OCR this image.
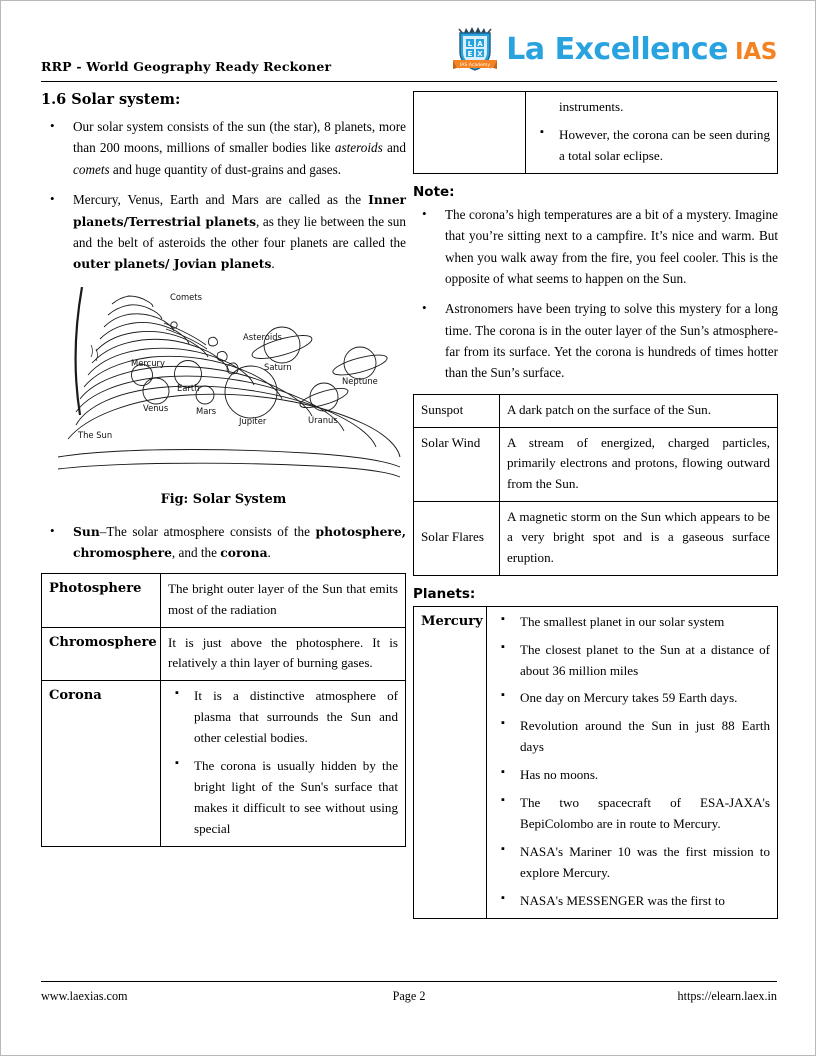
RRP - World Geography Ready Reckoner
L A
E X
IAS Academy La Excellence IAS
1.6 Solar system:
• Our solar system consists of the sun (the star), 8 planets, more than 200 moons, millions of smaller bodies like asteroids and comets and huge quantity of dust-grains and gases.
• Mercury, Venus, Earth and Mars are called as the Inner planets/Terrestrial planets, as they lie between the sun and the belt of asteroids the other four planets are called the outer planets/ Jovian planets.
Comets
Asteroids
Mercury
Venus
Earth
Mars
Jupiter
Saturn
Uranus
Neptune
The Sun
Fig: Solar System
• Sun–The solar atmosphere consists of the photosphere, chromosphere, and the corona.
Photosphere	The bright outer layer of the Sun that emits most of the radiation
Chromosphere	It is just above the photosphere. It is relatively a thin layer of burning gases.
Corona	
▪It is a distinctive atmosphere of plasma that surrounds the Sun and other celestial bodies.
▪ The corona is usually hidden by the bright light of the Sun's surface that makes it difficult to see without using special

instruments.
▪ However, the corona can be seen during a total solar eclipse.
Note:
• The corona’s high temperatures are a bit of a mystery. Imagine that you’re sitting next to a campfire. It’s nice and warm. But when you walk away from the fire, you feel cooler. This is the opposite of what seems to happen on the Sun.
• Astronomers have been trying to solve this mystery for a long time. The corona is in the outer layer of the Sun’s atmosphere-far from its surface. Yet the corona is hundreds of times hotter than the Sun’s surface.
Sunspot	A dark patch on the surface of the Sun.
Solar Wind	A stream of energized, charged particles, primarily electrons and protons, flowing outward from the Sun.
Solar Flares	A magnetic storm on the Sun which appears to be a very bright spot and is a gaseous surface eruption.
Planets:
Mercury	
▪The smallest planet in our solar system
▪ The closest planet to the Sun at a distance of about 36 million miles
▪ One day on Mercury takes 59 Earth days.
▪ Revolution around the Sun in just 88 Earth days
▪ Has no moons.
▪ The two spacecraft of ESA-JAXA's BepiColombo are in route to Mercury.
▪ NASA's Mariner 10 was the first mission to explore Mercury.
▪ NASA's MESSENGER was the first to
www.laexias.com	Page 2	https://elearn.laex.in
